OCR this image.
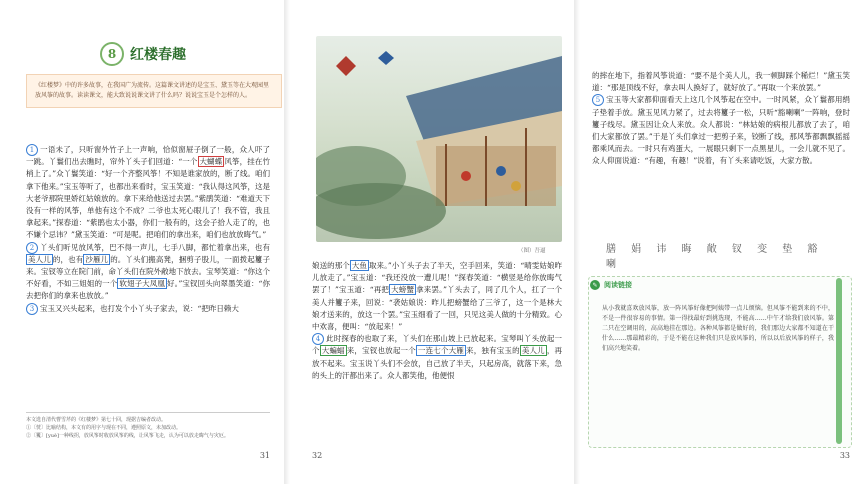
8 红楼春趣
《红楼梦》中的许多故事，在我国广为流传。这篇课文讲述的是宝玉、黛玉等在大观园里放风筝的故事。读读课文，能大致说说课文讲了什么吗？说说宝玉是个怎样的人。

1 一语未了，只听窗外竹子上一声响，恰似窗屉子倒了一般，众人吓了一跳。丫鬟们出去瞧时，帘外丫头子们回道：“一个 大蝴蝶 风筝，挂在竹梢上了。”众丫鬟笑道：“好一个齐整风筝！不知是谁家放的，断了线。咱们拿下他来。”宝玉等听了，也都出来看时，宝玉笑道：“我认得这风筝，这是大老爷那院里娇红姑娘放的。拿下来给他送过去罢。”紫鹃笑道：“难道天下没有一样的风筝，单他有这个不成？二爷也太死心眼儿了！我不管，我且拿起来。”探春道：“紫鹃也太小器，你们一般有的，这会子拾人走了的，也不嫌个忌讳？”黛玉笑道：“可是呢。把咱们的拿出来，咱们也放放晦气。”

2 丫头们听见放风筝，巴不得一声儿，七手八脚，都忙着拿出来，也有美人儿 的，也有 沙雁儿 的。丫头们搬高凳，捆剪子股儿，一面拨起籰子来。宝钗等立在院门前，命丫头们在院外敞地下放去。宝琴笑道：“你这个不好看，不如三姐姐的一个 软翅子大凤凰 好。”宝钗回头向翠墨笑道：“你去把你们的拿来也放放。”

3 宝玉又兴头起来，也打发个小丫头子家去，说：“把昨日赖大

本文选自清代曹雪芹的《红楼梦》第七十回，现据吉编者改动。
①〔恍〕比喻结构，本文有的用字与现在不同，遵照原文，未加改动。
②〔籰〕[yuè]一种线拐，放风筝时收放风筝的线，让风筝飞走，认为可以放走晦气与灾厄。
31
（图）吾逼

娘送的那个 大鱼 取来。”小丫头子去了半天，空手回来，笑道：“晴雯姑娘昨儿放走了。”宝玉道：“我还没放一遭儿呢！”探春笑道：“横竖是给你放晦气罢了！”宝玉道：“再把 大螃蟹 拿来罢。”丫头去了，同了几个人，扛了一个美人并籰子来，回说：“袭姑娘说：昨儿把螃蟹给了三爷了，这一个是林大娘才送来的，放这一个罢。”宝玉细看了一回，只见这美人做的十分精致。心中欢喜，便叫：“放起来！”

4 此时探春的也取了来，丫头们在那山坡上已放起来。宝琴叫丫头放起一个 大蝙蝠 来，宝钗也放起一个 一连七个大雁 来，独有宝玉的 美人儿 ，再放不起来。宝玉说丫头们不会放，自己放了半天，只起房高，就落下来，急的头上的汗都出来了。众人都笑他，他便恨

32

的摔在地下，指着风筝说道：“要不是个美人儿，我一顿脚踩个稀烂！”黛玉笑道：“那是顶线不好，拿去叫人换好了，就好放了。”再取一个来放罢。”

5 宝玉等大家都仰面看天上这几个风筝起在空中。一时风紧，众丫鬟都用绢子垫着手放。黛玉见风力紧了，过去将籰子一松，只听“豁喇喇”一阵响，登时籰子线尽。黛玉因让众人来放。众人都说：“林姑娘的病根儿都放了去了，咱们大家都放了罢。”于是丫头们拿过一把剪子来，铰断了线，那风筝都飘飘摇摇都乘风而去。一时只有鸡蛋大，一展眼只剩下一点黑星儿，一会儿就不见了。众人仰面说道：“有趣，有趣！”说着，有丫头来请吃饭，大家方散。

膳 娟 讳 晦 敞 钗 变 垫 豁 喇
✎ 阅读链接
从小我就喜欢放风筝，放一阵风筝好像把阿姨带一点儿烦恼。但风筝不能到来的不中，不是一件很容易的事情。第一得找最好到挑选现，不能高……中午才给我们放风筝。第二只在空调用的，高高地挂在那边。各种风筝都是做好的，我们那边大家都不知道在干什么……那最精彩的，于是不能在这种我们只是放风筝的，所以以后放风筝的样子，我们高兴地笑着。
33
